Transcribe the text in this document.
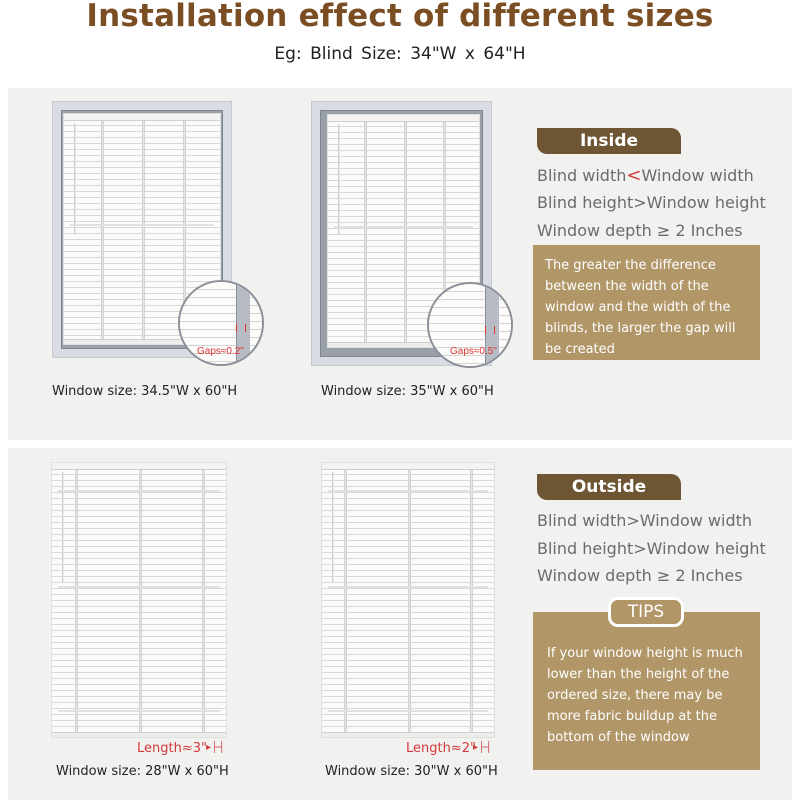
Installation effect of different sizes
Eg: Blind Size: 34"W x 64"H
Gaps≈0.2"
Window size: 34.5"W x 60"H
Gaps≈0.5"
Window size: 35"W x 60"H
Inside
Blind width<Window width
Blind height>Window height
Window depth ≥ 2 Inches
The greater the difference between the width of the window and the width of the blinds, the larger the gap will be created
Length≈3" ▸├┤
Window size: 28"W x 60"H
Length≈2"
▸├┤
Window size: 30"W x 60"H
Outside
Blind width>Window width
Blind height>Window height
Window depth ≥ 2 Inches
If your window height is much lower than the height of the ordered size, there may be more fabric buildup at the bottom of the window
TIPS
